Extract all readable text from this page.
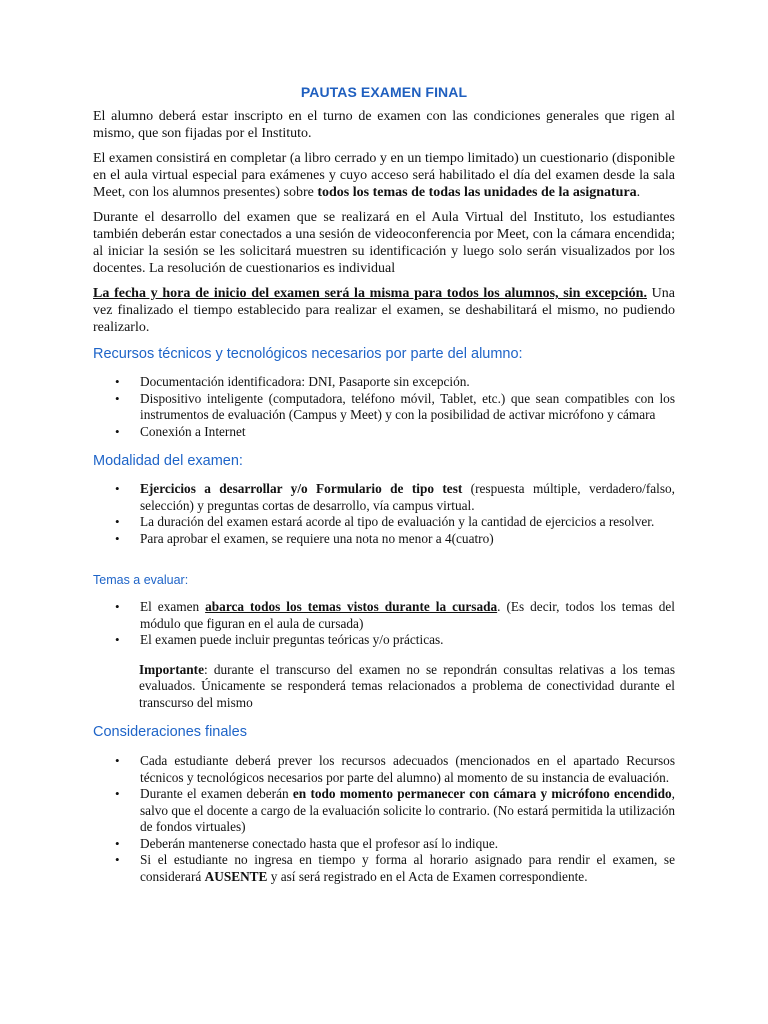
PAUTAS EXAMEN FINAL

El alumno deberá estar inscripto en el turno de examen con las condiciones generales que rigen al mismo, que son fijadas por el Instituto.

El examen consistirá en completar (a libro cerrado y en un tiempo limitado) un cuestionario (disponible en el aula virtual especial para exámenes y cuyo acceso será habilitado el día del examen desde la sala Meet, con los alumnos presentes) sobre todos los temas de todas las unidades de la asignatura.

Durante el desarrollo del examen que se realizará en el Aula Virtual del Instituto, los estudiantes también deberán estar conectados a una sesión de videoconferencia por Meet, con la cámara encendida; al iniciar la sesión se les solicitará muestren su identificación y luego solo serán visualizados por los docentes. La resolución de cuestionarios es individual

La fecha y hora de inicio del examen será la misma para todos los alumnos, sin excepción. Una vez finalizado el tiempo establecido para realizar el examen, se deshabilitará el mismo, no pudiendo realizarlo.

Recursos técnicos y tecnológicos necesarios por parte del alumno:
• Documentación identificadora: DNI, Pasaporte sin excepción.
• Dispositivo inteligente (computadora, teléfono móvil, Tablet, etc.) que sean compatibles con los instrumentos de evaluación (Campus y Meet) y con la posibilidad de activar micrófono y cámara
• Conexión a Internet
Modalidad del examen:
• Ejercicios a desarrollar y/o Formulario de tipo test (respuesta múltiple, verdadero/falso, selección) y preguntas cortas de desarrollo, vía campus virtual.
• La duración del examen estará acorde al tipo de evaluación y la cantidad de ejercicios a resolver.
• Para aprobar el examen, se requiere una nota no menor a 4(cuatro)
Temas a evaluar:
• El examen abarca todos los temas vistos durante la cursada. (Es decir, todos los temas del módulo que figuran en el aula de cursada)
• El examen puede incluir preguntas teóricas y/o prácticas.

Importante: durante el transcurso del examen no se repondrán consultas relativas a los temas evaluados. Únicamente se responderá temas relacionados a problema de conectividad durante el transcurso del mismo

Consideraciones finales
• Cada estudiante deberá prever los recursos adecuados (mencionados en el apartado Recursos técnicos y tecnológicos necesarios por parte del alumno) al momento de su instancia de evaluación.
• Durante el examen deberán en todo momento permanecer con cámara y micrófono encendido, salvo que el docente a cargo de la evaluación solicite lo contrario. (No estará permitida la utilización de fondos virtuales)
• Deberán mantenerse conectado hasta que el profesor así lo indique.
• Si el estudiante no ingresa en tiempo y forma al horario asignado para rendir el examen, se considerará AUSENTE y así será registrado en el Acta de Examen correspondiente.
